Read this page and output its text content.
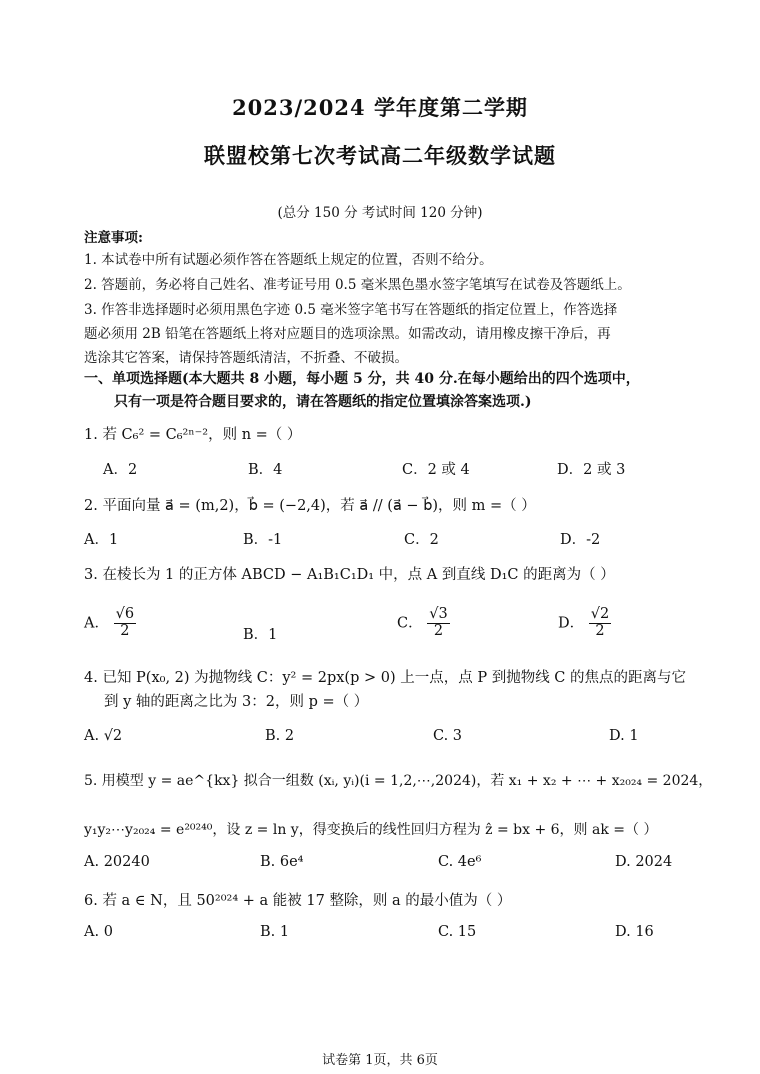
2023/2024 学年度第二学期
联盟校第七次考试高二年级数学试题
(总分 150 分 考试时间 120 分钟)
注意事项:
1. 本试卷中所有试题必须作答在答题纸上规定的位置，否则不给分。
2. 答题前，务必将自己姓名、准考证号用 0.5 毫米黑色墨水签字笔填写在试卷及答题纸上。
3. 作答非选择题时必须用黑色字迹 0.5 毫米签字笔书写在答题纸的指定位置上，作答选择
题必须用 2B 铅笔在答题纸上将对应题目的选项涂黑。如需改动，请用橡皮擦干净后，再
选涂其它答案，请保持答题纸清洁，不折叠、不破损。
一、单项选择题(本大题共 8 小题，每小题 5 分，共 40 分.在每小题给出的四个选项中，
只有一项是符合题目要求的，请在答题纸的指定位置填涂答案选项.)
1. 若 C₆² = C₆²ⁿ⁻²，则 n =（ ）
A．2	B．4	C．2 或 4	D．2 或 3
2. 平面向量 a⃗ = (m,2)，b⃗ = (−2,4)，若 a⃗ // (a⃗ − b⃗)，则 m =（ ）
A．1	B．-1	C．2	D．-2
3. 在棱长为 1 的正方体 ABCD − A₁B₁C₁D₁ 中，点 A 到直线 D₁C 的距离为（ ）
A． $\frac{√6}{2}$	B．1
C． $\frac{√3}{2}$	D． $\frac{√2}{2}$
4. 已知 P(x₀, 2) 为抛物线 C：y² = 2px(p > 0) 上一点，点 P 到抛物线 C 的焦点的距离与它
到 y 轴的距离之比为 3：2，则 p =（ ）
A. √2	B. 2	C. 3	D. 1
5. 用模型 y = ae^{kx} 拟合一组数 (xᵢ, yᵢ)(i = 1,2,⋯,2024)，若 x₁ + x₂ + ⋯ + x₂₀₂₄ = 2024，
y₁y₂⋯y₂₀₂₄ = e²⁰²⁴⁰，设 z = ln y，得变换后的线性回归方程为 ẑ = bx + 6，则 ak =（ ）
A. 20240	B. 6e⁴	C. 4e⁶	D. 2024
6. 若 a ∈ N，且 50²⁰²⁴ + a 能被 17 整除，则 a 的最小值为（ ）
A. 0	B. 1	C. 15	D. 16
试卷第 1页，共 6页
